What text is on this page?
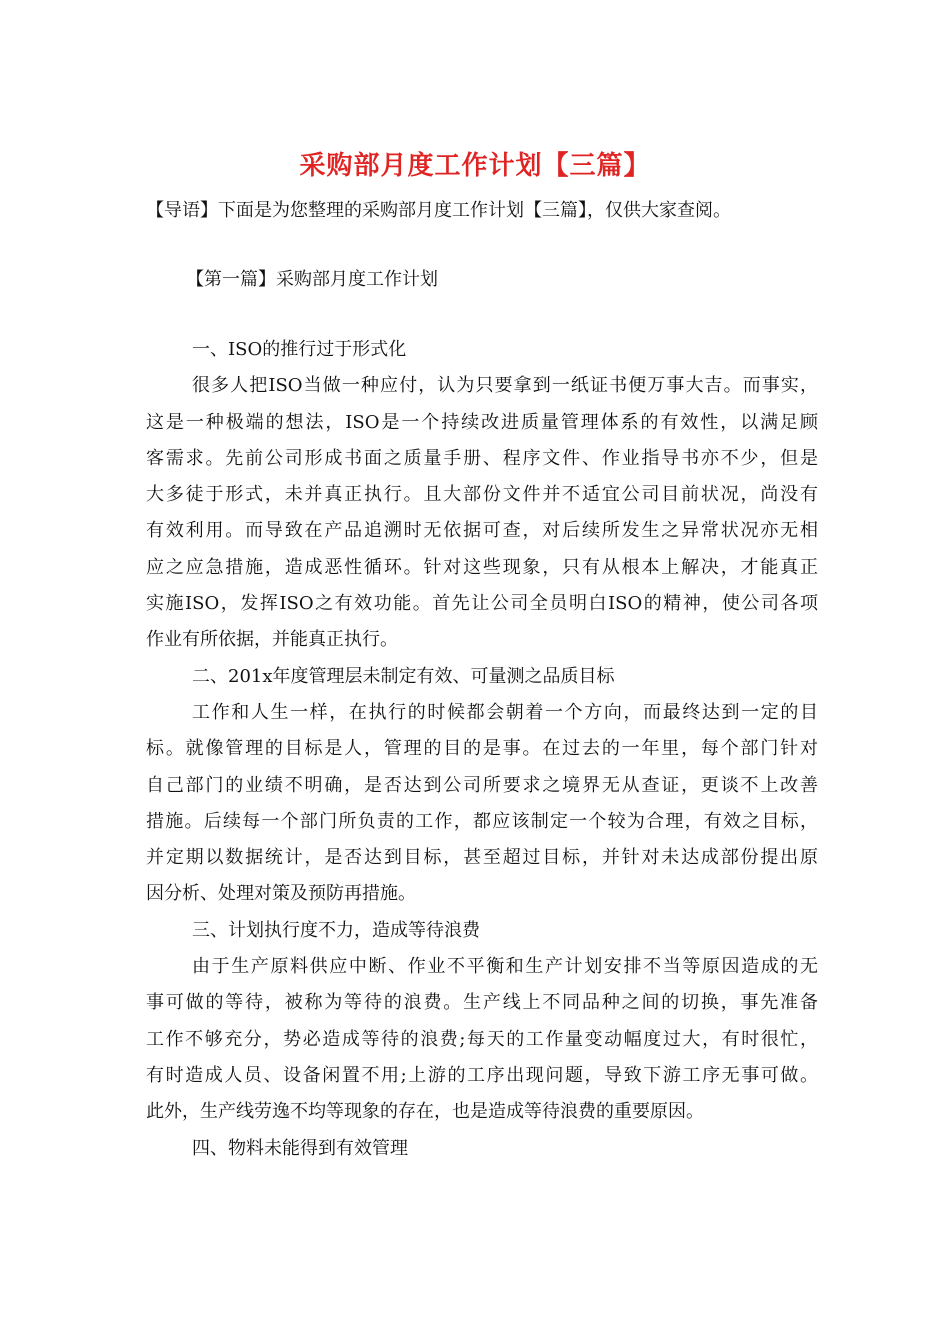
采购部月度工作计划【三篇】
【导语】下面是为您整理的采购部月度工作计划【三篇】，仅供大家查阅。
【第一篇】采购部月度工作计划
一、ISO的推行过于形式化
很多人把ISO当做一种应付，认为只要拿到一纸证书便万事大吉。而事实，
这是一种极端的想法，ISO是一个持续改进质量管理体系的有效性，以满足顾
客需求。先前公司形成书面之质量手册、程序文件、作业指导书亦不少，但是
大多徒于形式，未并真正执行。且大部份文件并不适宜公司目前状况，尚没有
有效利用。而导致在产品追溯时无依据可查，对后续所发生之异常状况亦无相
应之应急措施，造成恶性循环。针对这些现象，只有从根本上解决，才能真正
实施ISO，发挥ISO之有效功能。首先让公司全员明白ISO的精神，使公司各项
作业有所依据，并能真正执行。
二、201x年度管理层未制定有效、可量测之品质目标
工作和人生一样，在执行的时候都会朝着一个方向，而最终达到一定的目
标。就像管理的目标是人，管理的目的是事。在过去的一年里，每个部门针对
自己部门的业绩不明确，是否达到公司所要求之境界无从查证，更谈不上改善
措施。后续每一个部门所负责的工作，都应该制定一个较为合理，有效之目标，
并定期以数据统计，是否达到目标，甚至超过目标，并针对未达成部份提出原
因分析、处理对策及预防再措施。
三、计划执行度不力，造成等待浪费
由于生产原料供应中断、作业不平衡和生产计划安排不当等原因造成的无
事可做的等待，被称为等待的浪费。生产线上不同品种之间的切换，事先准备
工作不够充分，势必造成等待的浪费;每天的工作量变动幅度过大，有时很忙，
有时造成人员、设备闲置不用;上游的工序出现问题，导致下游工序无事可做。
此外，生产线劳逸不均等现象的存在，也是造成等待浪费的重要原因。
四、物料未能得到有效管理
